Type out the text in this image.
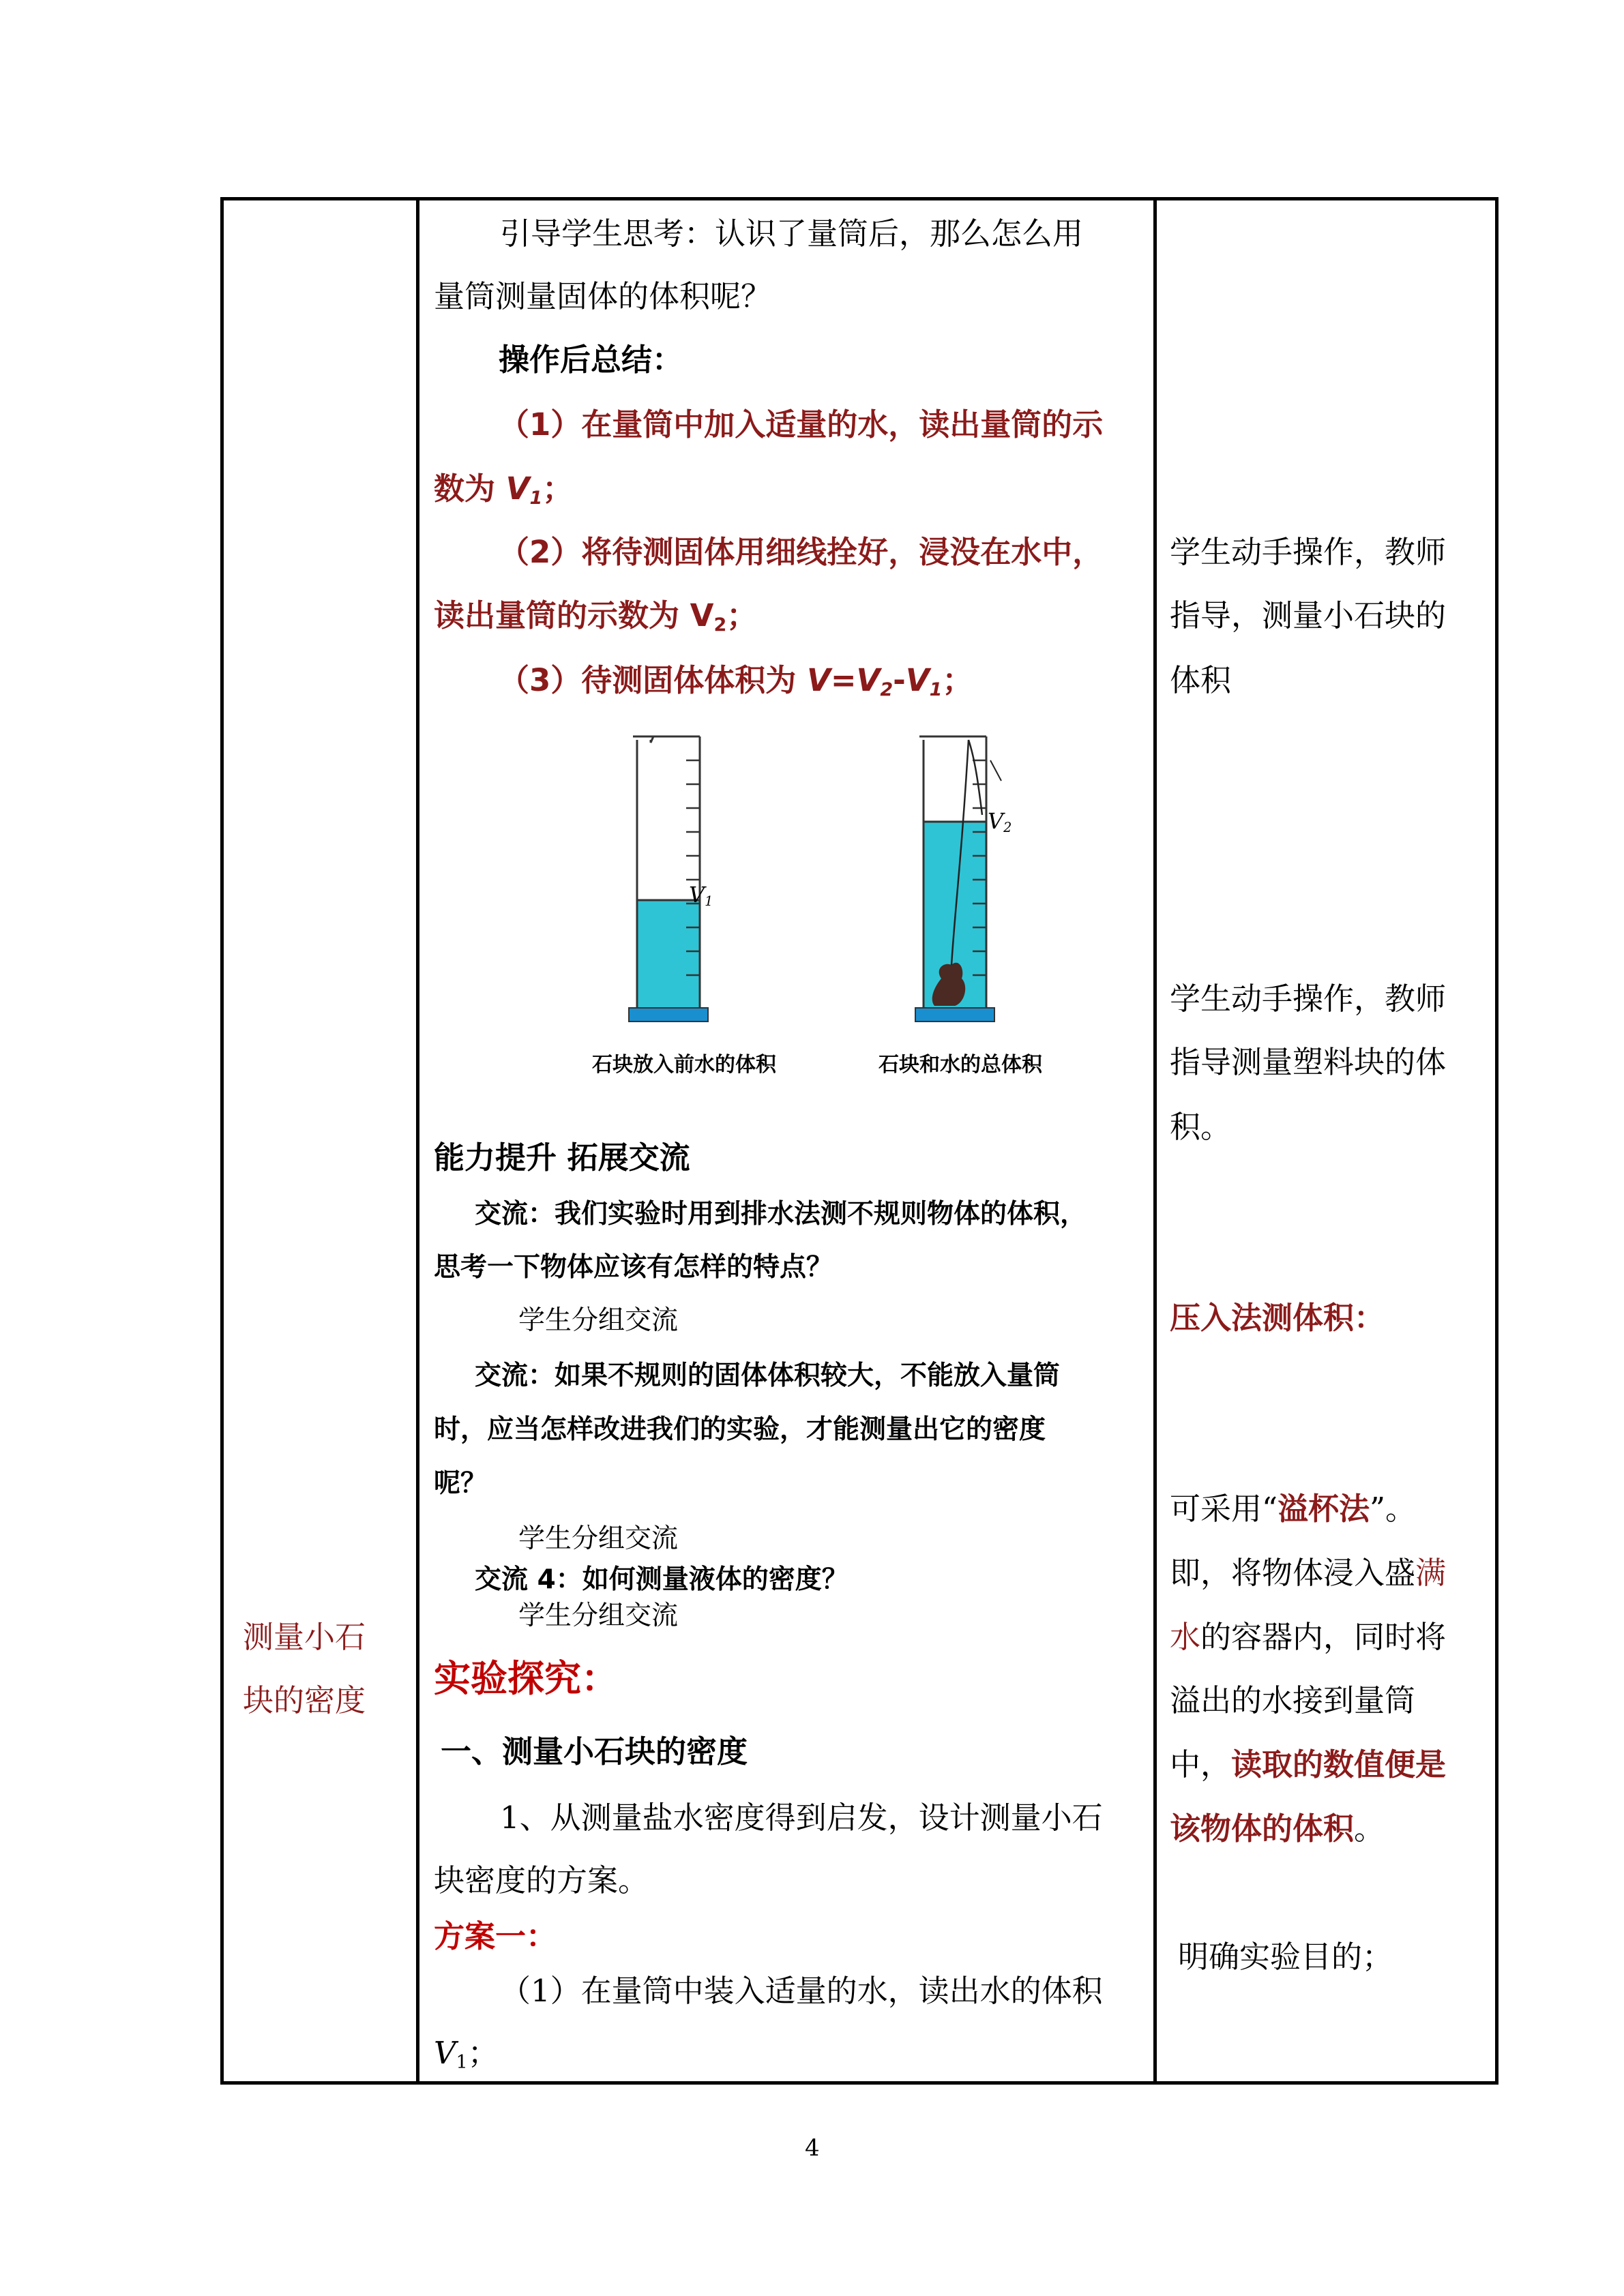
测量小石
块的密度
引导学生思考：认识了量筒后，那么怎么用
量筒测量固体的体积呢？
操作后总结：
（1）在量筒中加入适量的水，读出量筒的示
数为 $V_1$；
（2）将待测固体用细线拴好，浸没在水中，
读出量筒的示数为 $V_2$；
（3）待测固体体积为 $V=V_2-V_1$；
$V_1$
石块放入前水的体积
$V_2$
石块和水的总体积
能力提升 拓展交流
交流：我们实验时用到排水法测不规则物体的体积，
思考一下物体应该有怎样的特点？
学生分组交流
交流：如果不规则的固体体积较大，不能放入量筒
时，应当怎样改进我们的实验，才能测量出它的密度
呢？
学生分组交流
交流 4：如何测量液体的密度？
学生分组交流
实验探究：
一、测量小石块的密度
1、从测量盐水密度得到启发，设计测量小石
块密度的方案。
方案一：
（1）在量筒中装入适量的水，读出水的体积
$V_1$；
学生动手操作，教师
指导，测量小石块的
体积
学生动手操作，教师
指导测量塑料块的体
积。
压入法测体积：
可采用“溢杯法”。
即，将物体浸入盛满
水的容器内，同时将
溢出的水接到量筒
中，读取的数值便是
该物体的体积。
明确实验目的；
4
